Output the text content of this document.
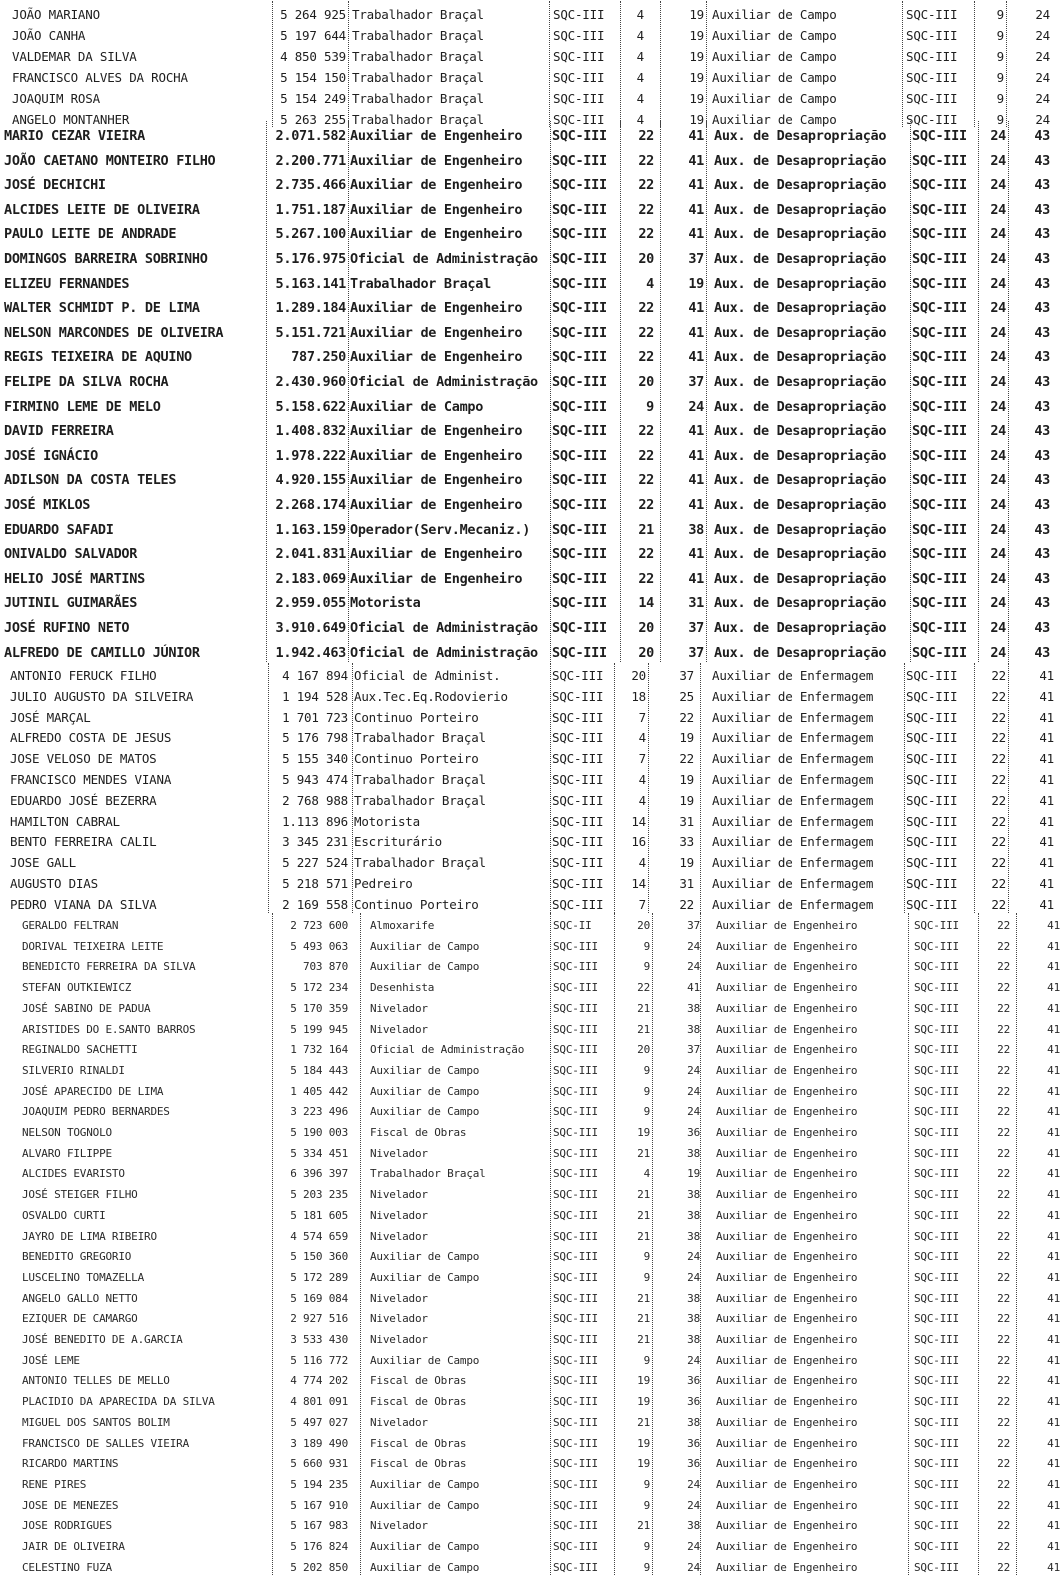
JOÃO MARIANO	5 264 925 Trabalhador Braçal	SQC-III	4	19 Auxiliar de Campo	SQC-III	9	24
JOÃO CANHA	5 197 644 Trabalhador Braçal	SQC-III	4	19 Auxiliar de Campo	SQC-III	9	24
VALDEMAR DA SILVA	4 850 539 Trabalhador Braçal	SQC-III	4	19 Auxiliar de Campo	SQC-III	9	24
FRANCISCO ALVES DA ROCHA	5 154 150 Trabalhador Braçal	SQC-III	4	19 Auxiliar de Campo	SQC-III	9	24
JOAQUIM ROSA	5 154 249 Trabalhador Braçal	SQC-III	4	19 Auxiliar de Campo	SQC-III	9	24
ANGELO MONTANHER	5 263 255 Trabalhador Braçal	SQC-III	4	19 Auxiliar de Campo	SQC-III	9	24
MARIO CEZAR VIEIRA	2.071.582 Auxiliar de Engenheiro	SQC-III	22	41 Aux. de Desapropriação	SQC-III	24	43
JOÃO CAETANO MONTEIRO FILHO	2.200.771 Auxiliar de Engenheiro	SQC-III	22	41 Aux. de Desapropriação	SQC-III	24	43
JOSÉ DECHICHI	2.735.466 Auxiliar de Engenheiro	SQC-III	22	41 Aux. de Desapropriação	SQC-III	24	43
ALCIDES LEITE DE OLIVEIRA	1.751.187 Auxiliar de Engenheiro	SQC-III	22	41 Aux. de Desapropriação	SQC-III	24	43
PAULO LEITE DE ANDRADE	5.267.100 Auxiliar de Engenheiro	SQC-III	22	41 Aux. de Desapropriação	SQC-III	24	43
DOMINGOS BARREIRA SOBRINHO	5.176.975 Oficial de Administração	SQC-III	20	37 Aux. de Desapropriação	SQC-III	24	43
ELIZEU FERNANDES	5.163.141 Trabalhador Braçal	SQC-III	4	19 Aux. de Desapropriação	SQC-III	24	43
WALTER SCHMIDT P. DE LIMA	1.289.184 Auxiliar de Engenheiro	SQC-III	22	41 Aux. de Desapropriação	SQC-III	24	43
NELSON MARCONDES DE OLIVEIRA	5.151.721 Auxiliar de Engenheiro	SQC-III	22	41 Aux. de Desapropriação	SQC-III	24	43
REGIS TEIXEIRA DE AQUINO	787.250 Auxiliar de Engenheiro	SQC-III	22	41 Aux. de Desapropriação	SQC-III	24	43
FELIPE DA SILVA ROCHA	2.430.960 Oficial de Administração	SQC-III	20	37 Aux. de Desapropriação	SQC-III	24	43
FIRMINO LEME DE MELO	5.158.622 Auxiliar de Campo	SQC-III	9	24 Aux. de Desapropriação	SQC-III	24	43
DAVID FERREIRA	1.408.832 Auxiliar de Engenheiro	SQC-III	22	41 Aux. de Desapropriação	SQC-III	24	43
JOSÉ IGNÁCIO	1.978.222 Auxiliar de Engenheiro	SQC-III	22	41 Aux. de Desapropriação	SQC-III	24	43
ADILSON DA COSTA TELES	4.920.155 Auxiliar de Engenheiro	SQC-III	22	41 Aux. de Desapropriação	SQC-III	24	43
JOSÉ MIKLOS	2.268.174 Auxiliar de Engenheiro	SQC-III	22	41 Aux. de Desapropriação	SQC-III	24	43
EDUARDO SAFADI	1.163.159 Operador(Serv.Mecaniz.)	SQC-III	21	38 Aux. de Desapropriação	SQC-III	24	43
ONIVALDO SALVADOR	2.041.831 Auxiliar de Engenheiro	SQC-III	22	41 Aux. de Desapropriação	SQC-III	24	43
HELIO JOSÉ MARTINS	2.183.069 Auxiliar de Engenheiro	SQC-III	22	41 Aux. de Desapropriação	SQC-III	24	43
JUTINIL GUIMARÃES	2.959.055 Motorista	SQC-III	14	31 Aux. de Desapropriação	SQC-III	24	43
JOSÉ RUFINO NETO	3.910.649 Oficial de Administração	SQC-III	20	37 Aux. de Desapropriação	SQC-III	24	43
ALFREDO DE CAMILLO JÚNIOR	1.942.463 Oficial de Administração	SQC-III	20	37 Aux. de Desapropriação	SQC-III	24	43
ANTONIO FERUCK FILHO	4 167 894 Oficial de Administ.	SQC-III	20	37 Auxiliar de Enfermagem	SQC-III	22	41
JULIO AUGUSTO DA SILVEIRA	1 194 528 Aux.Tec.Eq.Rodovierio	SQC-III	18	25 Auxiliar de Enfermagem	SQC-III	22	41
JOSÉ MARÇAL	1 701 723 Continuo Porteiro	SQC-III	7	22 Auxiliar de Enfermagem	SQC-III	22	41
ALFREDO COSTA DE JESUS	5 176 798 Trabalhador Braçal	SQC-III	4	19 Auxiliar de Enfermagem	SQC-III	22	41
JOSE VELOSO DE MATOS	5 155 340 Continuo Porteiro	SQC-III	7	22 Auxiliar de Enfermagem	SQC-III	22	41
FRANCISCO MENDES VIANA	5 943 474 Trabalhador Braçal	SQC-III	4	19 Auxiliar de Enfermagem	SQC-III	22	41
EDUARDO JOSÉ BEZERRA	2 768 988 Trabalhador Braçal	SQC-III	4	19 Auxiliar de Enfermagem	SQC-III	22	41
HAMILTON CABRAL	1.113 896 Motorista	SQC-III	14	31 Auxiliar de Enfermagem	SQC-III	22	41
BENTO FERREIRA CALIL	3 345 231 Escriturário	SQC-III	16	33 Auxiliar de Enfermagem	SQC-III	22	41
JOSE GALL	5 227 524 Trabalhador Braçal	SQC-III	4	19 Auxiliar de Enfermagem	SQC-III	22	41
AUGUSTO DIAS	5 218 571 Pedreiro	SQC-III	14	31 Auxiliar de Enfermagem	SQC-III	22	41
PEDRO VIANA DA SILVA	2 169 558 Continuo Porteiro	SQC-III	7	22 Auxiliar de Enfermagem	SQC-III	22	41
GERALDO FELTRAN	2 723 600 Almoxarife	SQC-II	20	37 Auxiliar de Engenheiro	SQC-III	22	41
DORIVAL TEIXEIRA LEITE	5 493 063 Auxiliar de Campo	SQC-III	9	24 Auxiliar de Engenheiro	SQC-III	22	41
BENEDICTO FERREIRA DA SILVA	703 870 Auxiliar de Campo	SQC-III	9	24 Auxiliar de Engenheiro	SQC-III	22	41
STEFAN OUTKIEWICZ	5 172 234 Desenhista	SQC-III	22	41 Auxiliar de Engenheiro	SQC-III	22	41
JOSÉ SABINO DE PADUA	5 170 359 Nivelador	SQC-III	21	38 Auxiliar de Engenheiro	SQC-III	22	41
ARISTIDES DO E.SANTO BARROS	5 199 945 Nivelador	SQC-III	21	38 Auxiliar de Engenheiro	SQC-III	22	41
REGINALDO SACHETTI	1 732 164 Oficial de Administração	SQC-III	20	37 Auxiliar de Engenheiro	SQC-III	22	41
SILVERIO RINALDI	5 184 443 Auxiliar de Campo	SQC-III	9	24 Auxiliar de Engenheiro	SQC-III	22	41
JOSÉ APARECIDO DE LIMA	1 405 442 Auxiliar de Campo	SQC-III	9	24 Auxiliar de Engenheiro	SQC-III	22	41
JOAQUIM PEDRO BERNARDES	3 223 496 Auxiliar de Campo	SQC-III	9	24 Auxiliar de Engenheiro	SQC-III	22	41
NELSON TOGNOLO	5 190 003 Fiscal de Obras	SQC-III	19	36 Auxiliar de Engenheiro	SQC-III	22	41
ALVARO FILIPPE	5 334 451 Nivelador	SQC-III	21	38 Auxiliar de Engenheiro	SQC-III	22	41
ALCIDES EVARISTO	6 396 397 Trabalhador Braçal	SQC-III	4	19 Auxiliar de Engenheiro	SQC-III	22	41
JOSÉ STEIGER FILHO	5 203 235 Nivelador	SQC-III	21	38 Auxiliar de Engenheiro	SQC-III	22	41
OSVALDO CURTI	5 181 605 Nivelador	SQC-III	21	38 Auxiliar de Engenheiro	SQC-III	22	41
JAYRO DE LIMA RIBEIRO	4 574 659 Nivelador	SQC-III	21	38 Auxiliar de Engenheiro	SQC-III	22	41
BENEDITO GREGORIO	5 150 360 Auxiliar de Campo	SQC-III	9	24 Auxiliar de Engenheiro	SQC-III	22	41
LUSCELINO TOMAZELLA	5 172 289 Auxiliar de Campo	SQC-III	9	24 Auxiliar de Engenheiro	SQC-III	22	41
ANGELO GALLO NETTO	5 169 084 Nivelador	SQC-III	21	38 Auxiliar de Engenheiro	SQC-III	22	41
EZIQUER DE CAMARGO	2 927 516 Nivelador	SQC-III	21	38 Auxiliar de Engenheiro	SQC-III	22	41
JOSÉ BENEDITO DE A.GARCIA	3 533 430 Nivelador	SQC-III	21	38 Auxiliar de Engenheiro	SQC-III	22	41
JOSÉ LEME	5 116 772 Auxiliar de Campo	SQC-III	9	24 Auxiliar de Engenheiro	SQC-III	22	41
ANTONIO TELLES DE MELLO	4 774 202 Fiscal de Obras	SQC-III	19	36 Auxiliar de Engenheiro	SQC-III	22	41
PLACIDIO DA APARECIDA DA SILVA	4 801 091 Fiscal de Obras	SQC-III	19	36 Auxiliar de Engenheiro	SQC-III	22	41
MIGUEL DOS SANTOS BOLIM	5 497 027 Nivelador	SQC-III	21	38 Auxiliar de Engenheiro	SQC-III	22	41
FRANCISCO DE SALLES VIEIRA	3 189 490 Fiscal de Obras	SQC-III	19	36 Auxiliar de Engenheiro	SQC-III	22	41
RICARDO MARTINS	5 660 931 Fiscal de Obras	SQC-III	19	36 Auxiliar de Engenheiro	SQC-III	22	41
RENE PIRES	5 194 235 Auxiliar de Campo	SQC-III	9	24 Auxiliar de Engenheiro	SQC-III	22	41
JOSE DE MENEZES	5 167 910 Auxiliar de Campo	SQC-III	9	24 Auxiliar de Engenheiro	SQC-III	22	41
JOSE RODRIGUES	5 167 983 Nivelador	SQC-III	21	38 Auxiliar de Engenheiro	SQC-III	22	41
JAIR DE OLIVEIRA	5 176 824 Auxiliar de Campo	SQC-III	9	24 Auxiliar de Engenheiro	SQC-III	22	41
CELESTINO FUZA	5 202 850 Auxiliar de Campo	SQC-III	9	24 Auxiliar de Engenheiro	SQC-III	22	41
